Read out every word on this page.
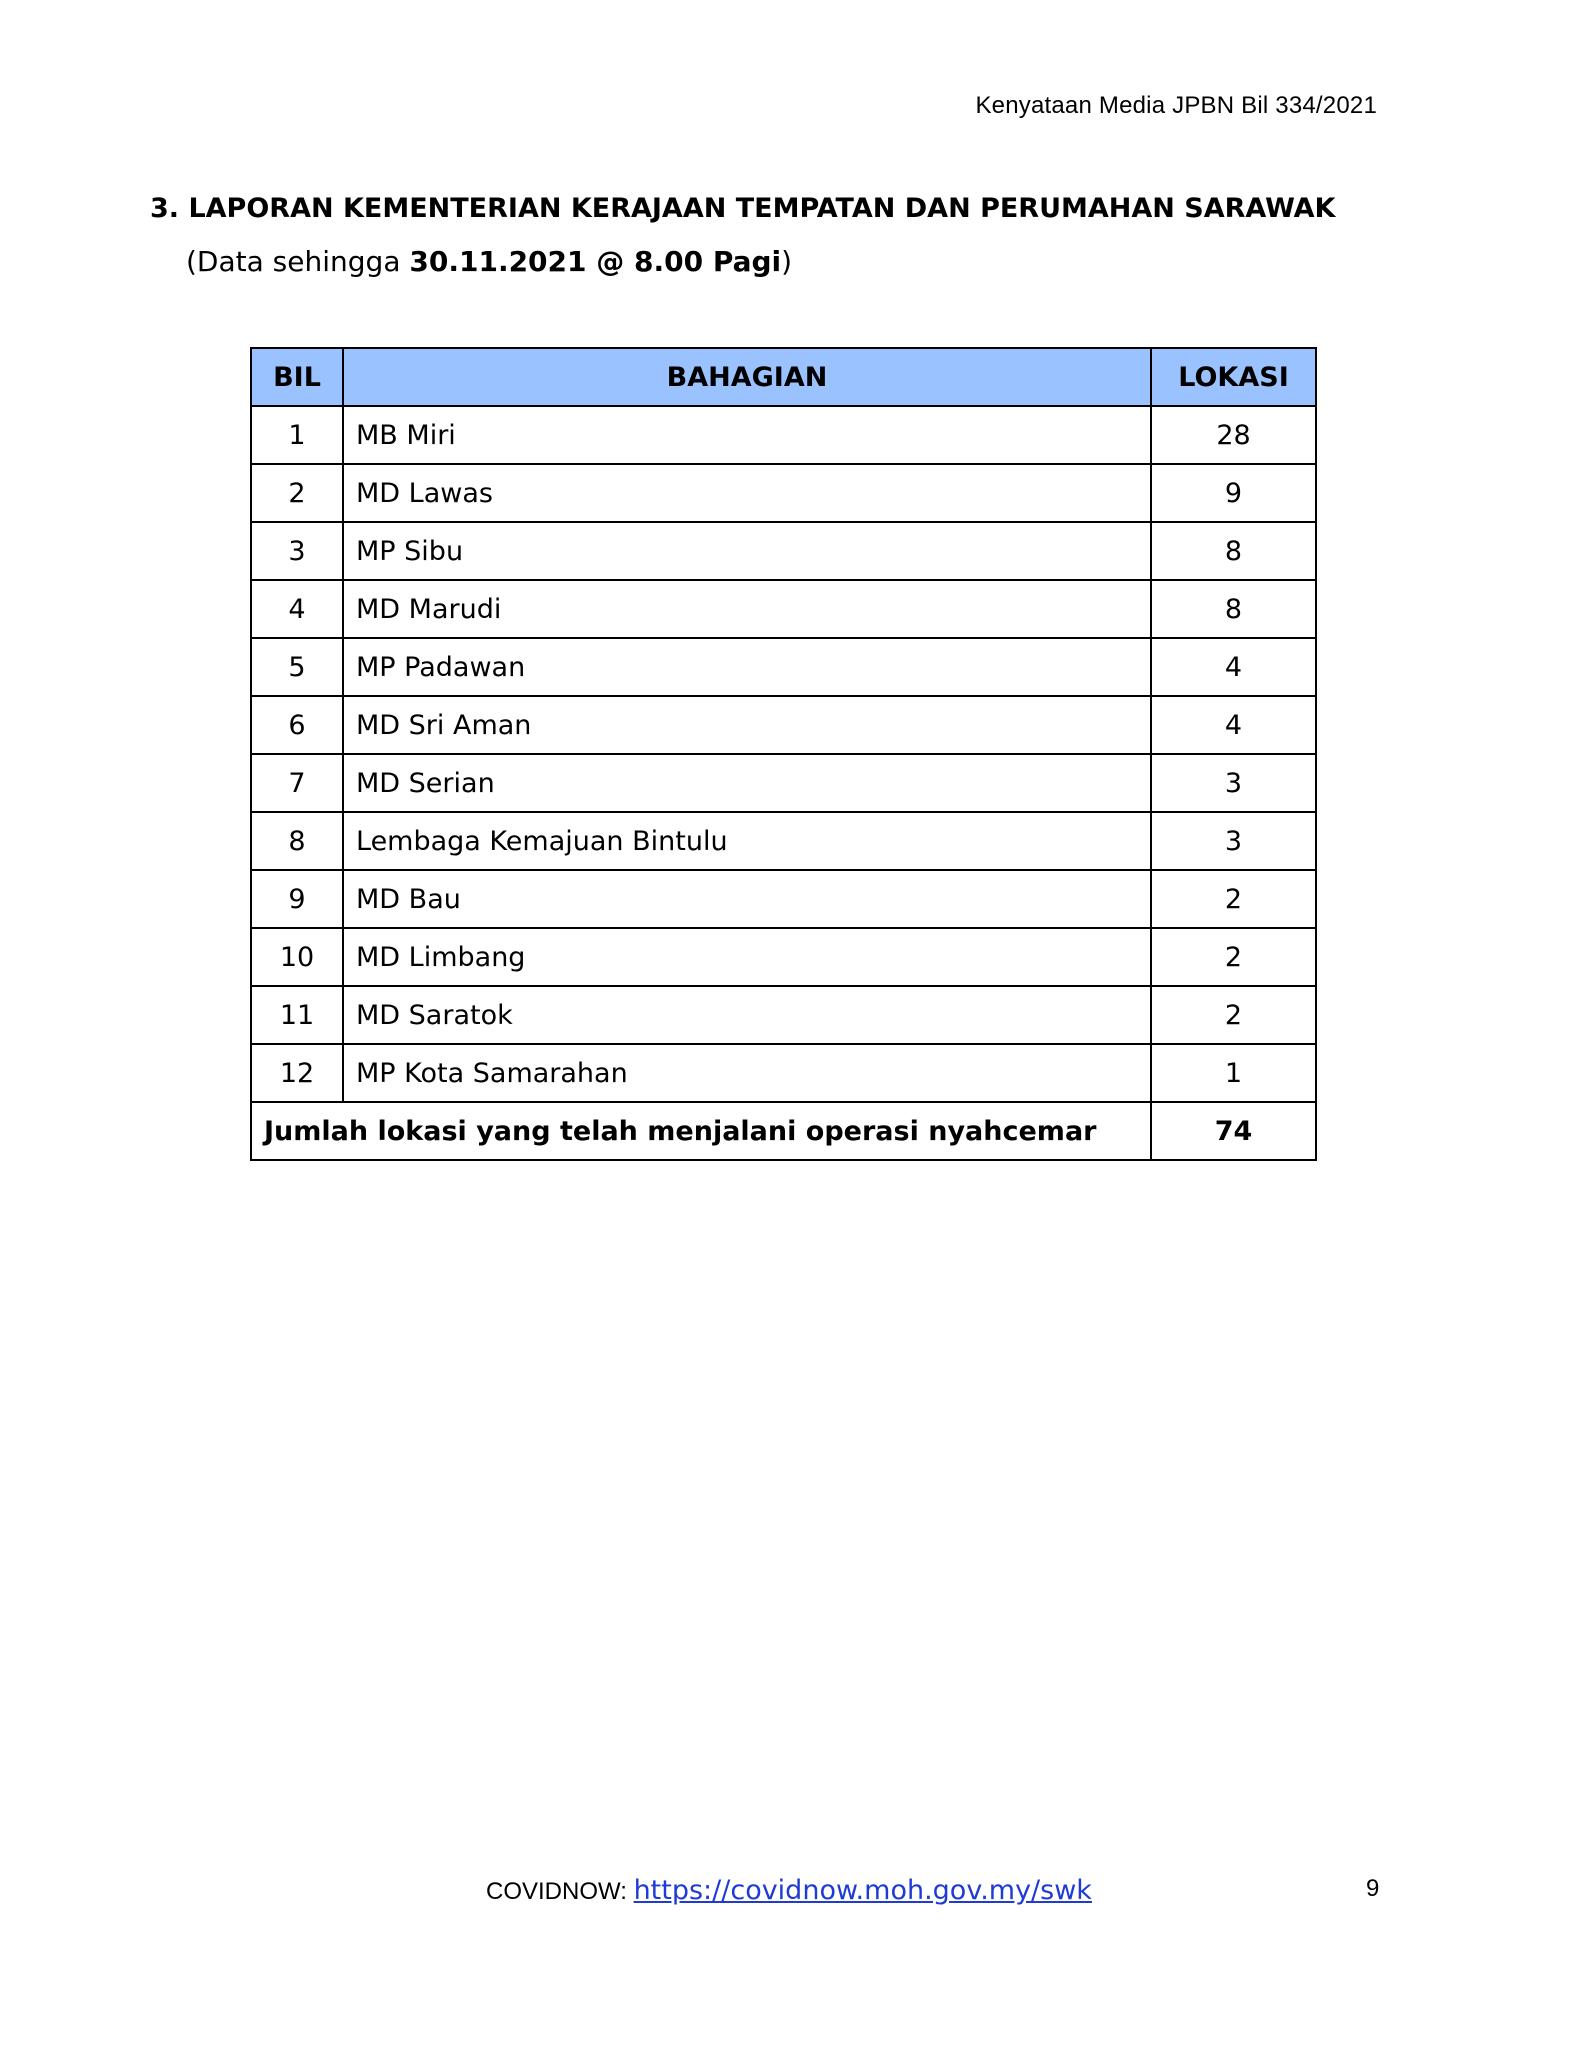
Kenyataan Media JPBN Bil 334/2021
3. LAPORAN KEMENTERIAN KERAJAAN TEMPATAN DAN PERUMAHAN SARAWAK
(Data sehingga 30.11.2021 @ 8.00 Pagi)
BIL	BAHAGIAN	LOKASI
1	MB Miri	28
2	MD Lawas	9
3	MP Sibu	8
4	MD Marudi	8
5	MP Padawan	4
6	MD Sri Aman	4
7	MD Serian	3
8	Lembaga Kemajuan Bintulu	3
9	MD Bau	2
10	MD Limbang	2
11	MD Saratok	2
12	MP Kota Samarahan	1
Jumlah lokasi yang telah menjalani operasi nyahcemar		74
COVIDNOW: https://covidnow.moh.gov.my/swk	9
